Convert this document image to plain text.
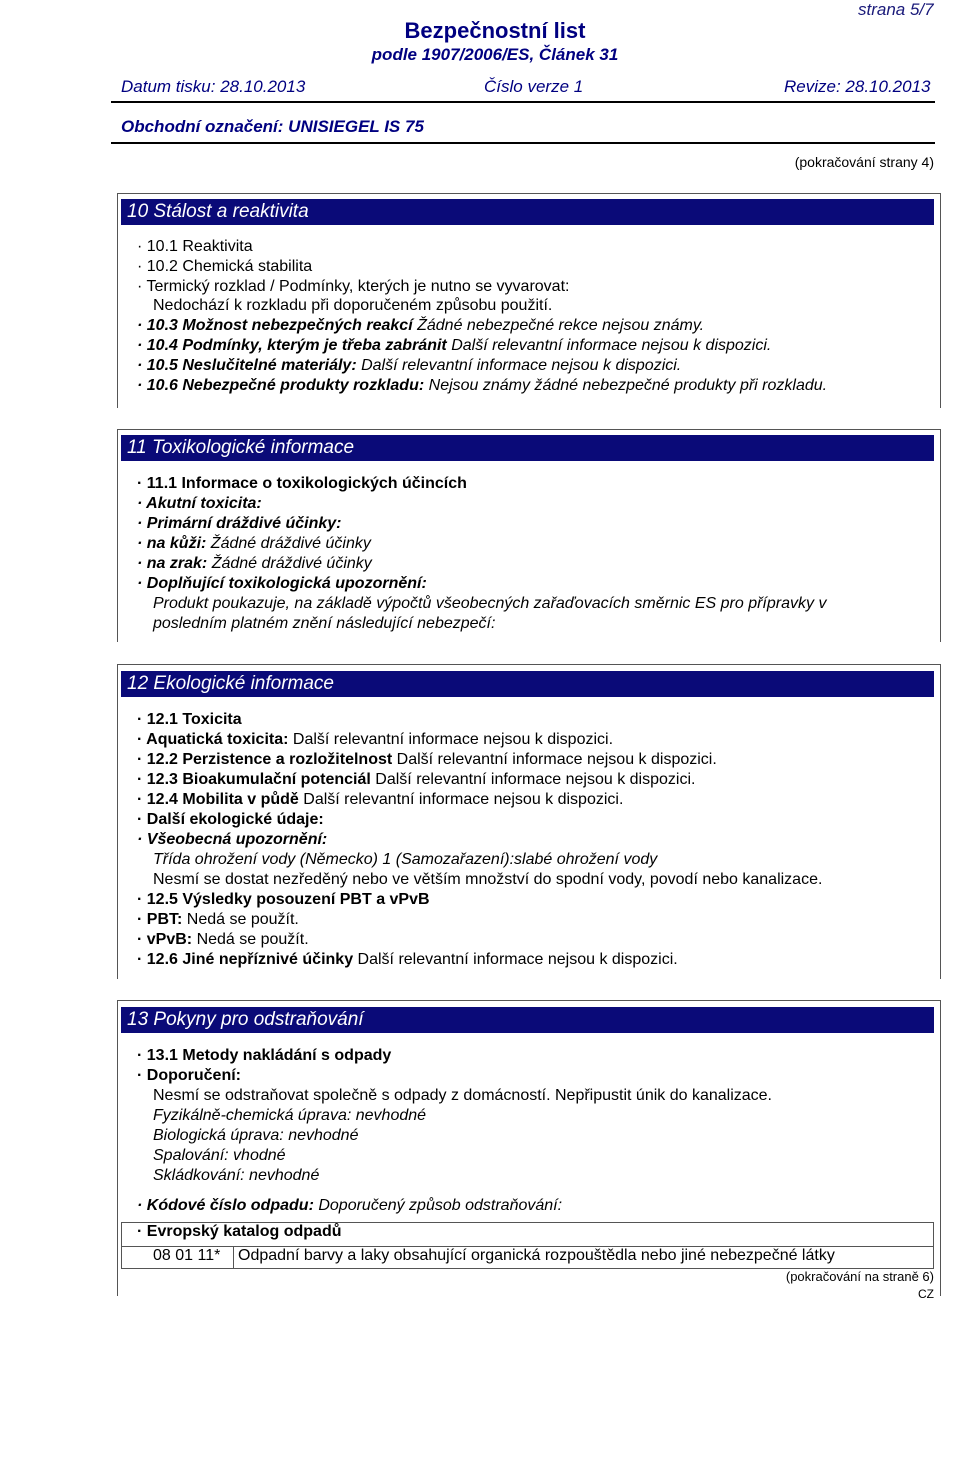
strana 5/7
Bezpečnostní list
podle 1907/2006/ES, Článek 31
Datum tisku: 28.10.2013	Číslo verze 1	Revize: 28.10.2013
Obchodní označení: UNISIEGEL IS 75
(pokračování strany 4)
10 Stálost a reaktivita
· 10.1 Reaktivita
· 10.2 Chemická stabilita
· Termický rozklad / Podmínky, kterých je nutno se vyvarovat:
Nedochází k rozkladu při doporučeném způsobu použití.
· 10.3 Možnost nebezpečných reakcí Žádné nebezpečné rekce nejsou známy.
· 10.4 Podmínky, kterým je třeba zabránit Další relevantní informace nejsou k dispozici.
· 10.5 Neslučitelné materiály: Další relevantní informace nejsou k dispozici.
· 10.6 Nebezpečné produkty rozkladu: Nejsou známy žádné nebezpečné produkty při rozkladu.
11 Toxikologické informace
· 11.1 Informace o toxikologických účincích
· Akutní toxicita:
· Primární dráždivé účinky:
· na kůži: Žádné dráždivé účinky
· na zrak: Žádné dráždivé účinky
· Doplňující toxikologická upozornění:
Produkt poukazuje, na základě výpočtů všeobecných zařaďovacích směrnic ES pro přípravky v
posledním platném znění následující nebezpečí:
12 Ekologické informace
· 12.1 Toxicita
· Aquatická toxicita: Další relevantní informace nejsou k dispozici.
· 12.2 Perzistence a rozložitelnost Další relevantní informace nejsou k dispozici.
· 12.3 Bioakumulační potenciál Další relevantní informace nejsou k dispozici.
· 12.4 Mobilita v půdě Další relevantní informace nejsou k dispozici.
· Další ekologické údaje:
· Všeobecná upozornění:
Třída ohrožení vody (Německo) 1 (Samozařazení):slabé ohrožení vody
Nesmí se dostat nezředěný nebo ve větším množství do spodní vody, povodí nebo kanalizace.
· 12.5 Výsledky posouzení PBT a vPvB
· PBT: Nedá se použít.
· vPvB: Nedá se použít.
· 12.6 Jiné nepříznivé účinky Další relevantní informace nejsou k dispozici.
13 Pokyny pro odstraňování
· 13.1 Metody nakládání s odpady
· Doporučení:
Nesmí se odstraňovat společně s odpady z domácností. Nepřipustit únik do kanalizace.
Fyzikálně-chemická úprava: nevhodné
Biologická úprava: nevhodné
Spalování: vhodné
Skládkování: nevhodné
· Kódové číslo odpadu: Doporučený způsob odstraňování:
· Evropský katalog odpadů
08 01 11* Odpadní barvy a laky obsahující organická rozpouštědla nebo jiné nebezpečné látky
(pokračování na straně 6)
CZ
